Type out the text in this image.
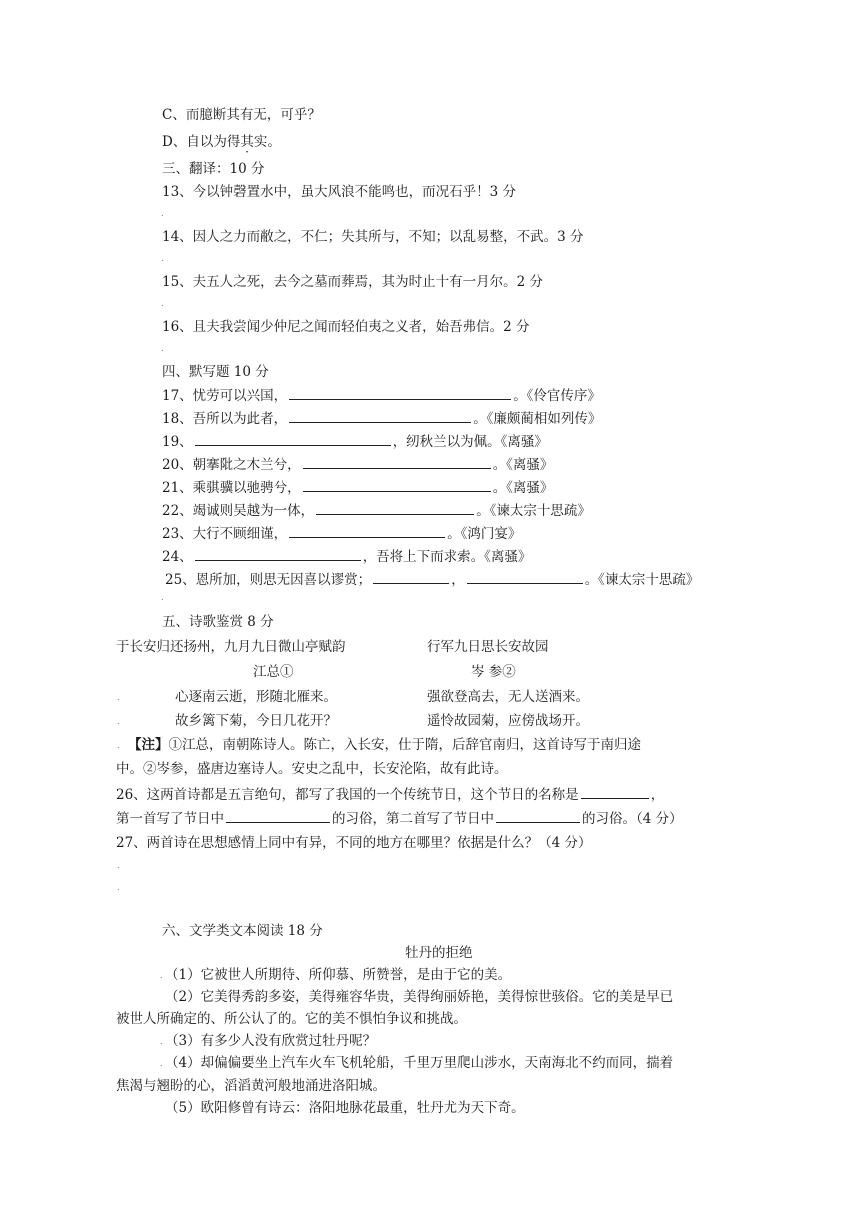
C、而臆断其有无，可乎？
D、自以为得其实。
三、翻译：10 分
13、今以钟磬置水中，虽大风浪不能鸣也，而况石乎！3 分
.
14、因人之力而敝之，不仁；失其所与，不知；以乱易整，不武。3 分
.
15、夫五人之死，去今之墓而葬焉，其为时止十有一月尔。2 分
.
16、且夫我尝闻少仲尼之闻而轻伯夷之义者，始吾弗信。2 分
.
四、默写题 10 分
17、忧劳可以兴国，	。《伶官传序》
18、吾所以为此者，	。《廉颇蔺相如列传》
19、	，纫秋兰以为佩。《离骚》
20、朝搴阰之木兰兮，	。《离骚》
21、乘骐骥以驰骋兮，	。《离骚》
22、竭诚则吴越为一体，	。《谏太宗十思疏》
23、大行不顾细谨，	。《鸿门宴》
24、	，吾将上下而求索。《离骚》
25、恩所加，则思无因喜以谬赏；	，	。《谏太宗十思疏》
.
五、诗歌鉴赏 8 分
于长安归还扬州，九月九日微山亭赋韵	行军九日思长安故园
江总①	岑 参②
.	心逐南云逝，形随北雁来。	强欲登高去，无人送酒来。
.	故乡篱下菊，今日几花开？	遥怜故园菊，应傍战场开。
. 【注】①江总，南朝陈诗人。陈亡，入长安，仕于隋，后辞官南归，这首诗写于南归途
中。②岑参，盛唐边塞诗人。安史之乱中，长安沦陷，故有此诗。
26、这两首诗都是五言绝句，都写了我国的一个传统节日，这个节日的名称是	，
第一首写了节日中	的习俗，第二首写了节日中	的习俗。（4 分）
27、两首诗在思想感情上同中有异，不同的地方在哪里？依据是什么？（4 分）
.
.
六、文学类文本阅读 18 分
牡丹的拒绝
. （1）它被世人所期待、所仰慕、所赞誉，是由于它的美。
（2）它美得秀韵多姿，美得雍容华贵，美得绚丽娇艳，美得惊世骇俗。它的美是早已
被世人所确定的、所公认了的。它的美不惧怕争议和挑战。
. （3）有多少人没有欣赏过牡丹呢？
. （4）却偏偏要坐上汽车火车飞机轮船，千里万里爬山涉水，天南海北不约而同，揣着
焦渴与翘盼的心，滔滔黄河般地涌进洛阳城。
（5）欧阳修曾有诗云：洛阳地脉花最重，牡丹尤为天下奇。
